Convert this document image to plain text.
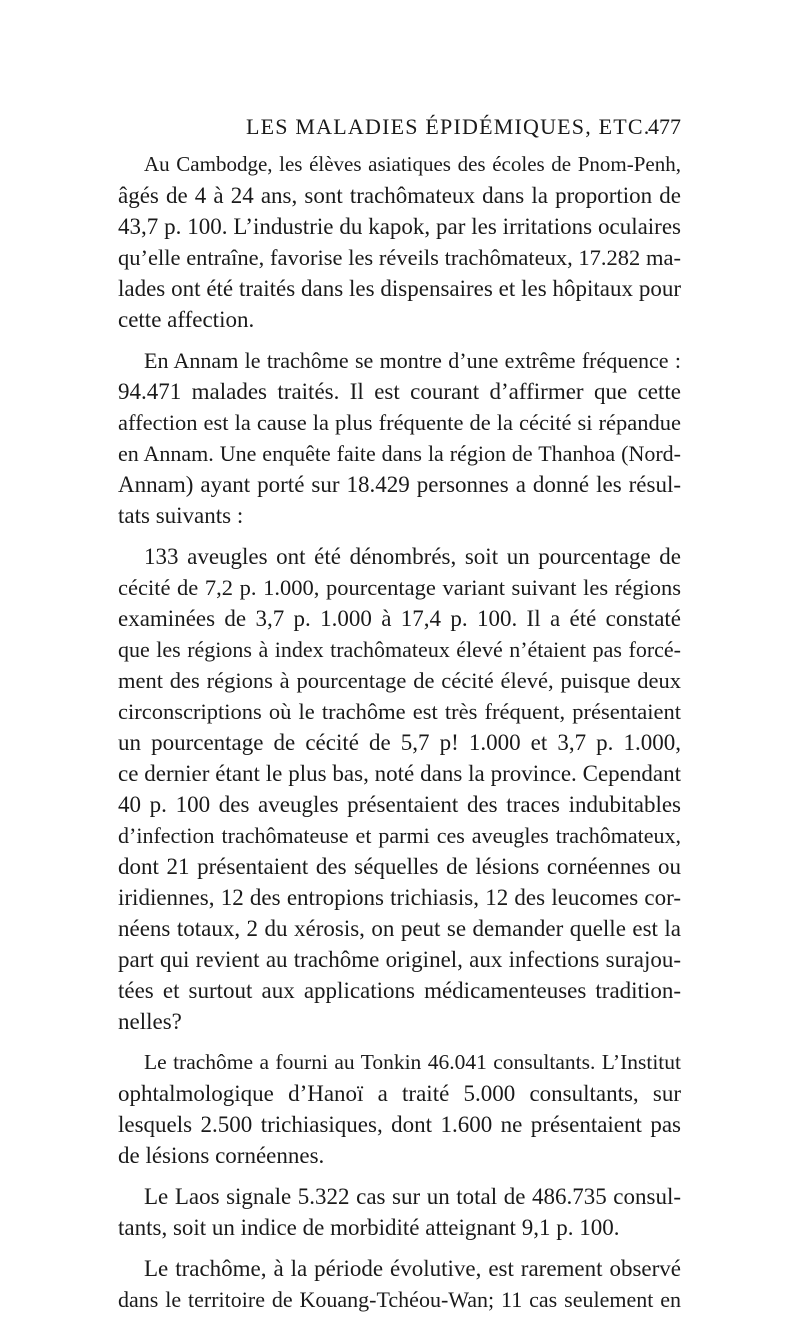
LES MALADIES ÉPIDÉMIQUES, ETC.
477
Au Cambodge, les élèves asiatiques des écoles de Pnom-Penh,
âgés de 4 à 24 ans, sont trachômateux dans la proportion de
43,7 p. 100. L’industrie du kapok, par les irritations oculaires
qu’elle entraîne, favorise les réveils trachômateux, 17.282 ma-
lades ont été traités dans les dispensaires et les hôpitaux pour
cette affection.
En Annam le trachôme se montre d’une extrême fréquence :
94.471 malades traités. Il est courant d’affirmer que cette
affection est la cause la plus fréquente de la cécité si répandue
en Annam. Une enquête faite dans la région de Thanhoa (Nord-
Annam) ayant porté sur 18.429 personnes a donné les résul-
tats suivants :
133 aveugles ont été dénombrés, soit un pourcentage de
cécité de 7,2 p. 1.000, pourcentage variant suivant les régions
examinées de 3,7 p. 1.000 à 17,4 p. 100. Il a été constaté
que les régions à index trachômateux élevé n’étaient pas forcé-
ment des régions à pourcentage de cécité élevé, puisque deux
circonscriptions où le trachôme est très fréquent, présentaient
un pourcentage de cécité de 5,7 p! 1.000 et 3,7 p. 1.000,
ce dernier étant le plus bas, noté dans la province. Cependant
40 p. 100 des aveugles présentaient des traces indubitables
d’infection trachômateuse et parmi ces aveugles trachômateux,
dont 21 présentaient des séquelles de lésions cornéennes ou
iridiennes, 12 des entropions trichiasis, 12 des leucomes cor-
néens totaux, 2 du xérosis, on peut se demander quelle est la
part qui revient au trachôme originel, aux infections surajou-
tées et surtout aux applications médicamenteuses tradition-
nelles?
Le trachôme a fourni au Tonkin 46.041 consultants. L’Institut
ophtalmologique d’Hanoï a traité 5.000 consultants, sur
lesquels 2.500 trichiasiques, dont 1.600 ne présentaient pas
de lésions cornéennes.
Le Laos signale 5.322 cas sur un total de 486.735 consul-
tants, soit un indice de morbidité atteignant 9,1 p. 100.
Le trachôme, à la période évolutive, est rarement observé
dans le territoire de Kouang-Tchéou-Wan; 11 cas seulement en
